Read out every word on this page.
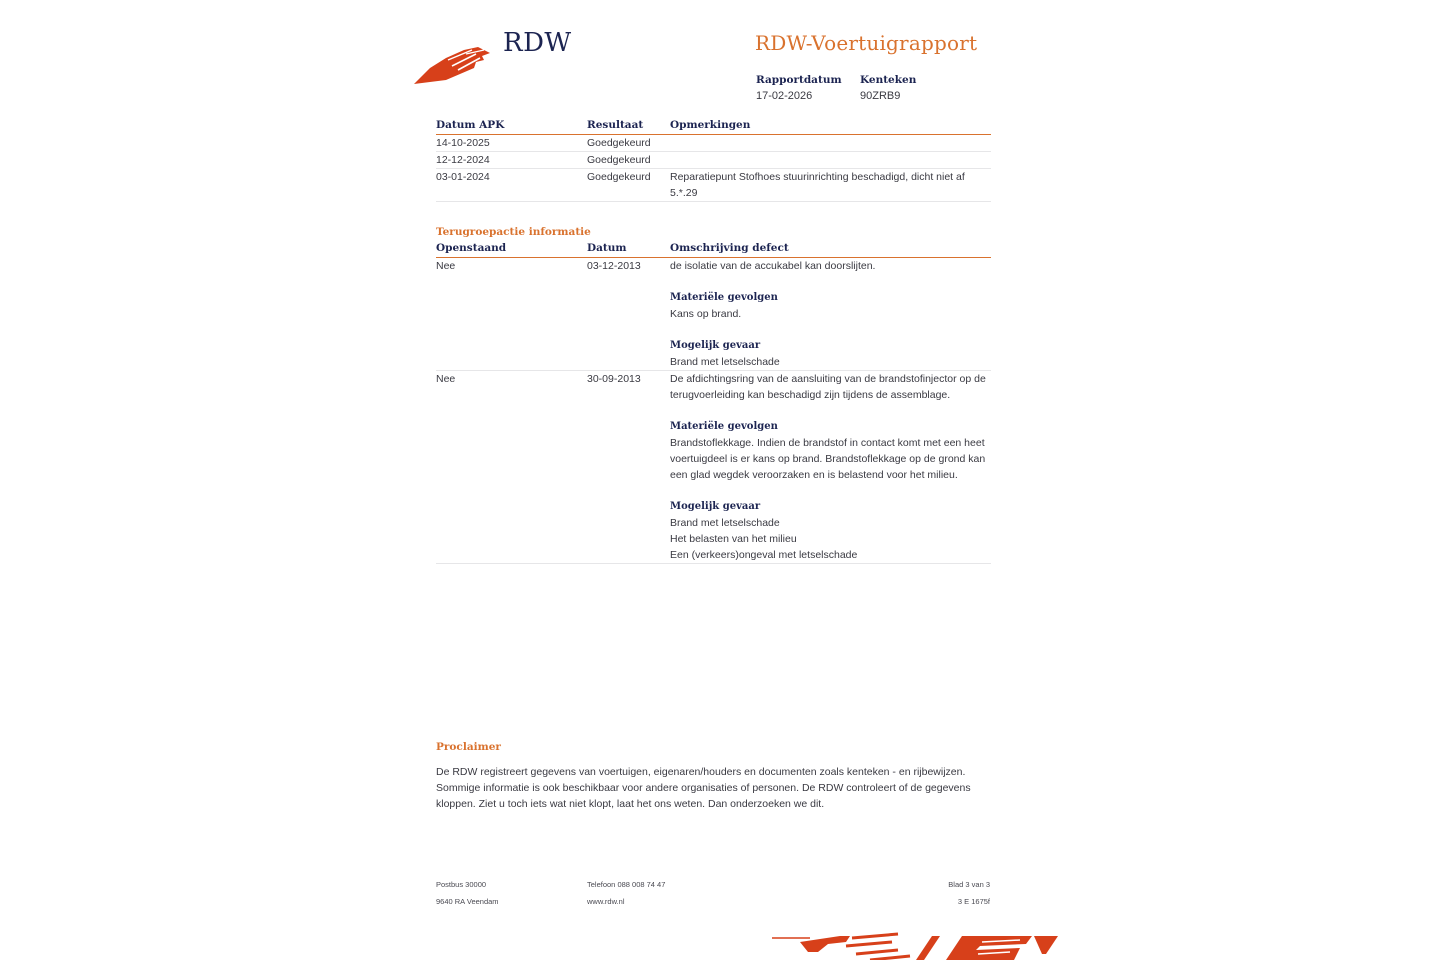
RDW	RDW-Voertuigrapport
Rapportdatum
17-02-2026
Kenteken
90ZRB9
Datum APK	Resultaat	Opmerkingen
14-10-2025	Goedgekeurd
12-12-2024	Goedgekeurd
03-01-2024	Goedgekeurd	Reparatiepunt Stofhoes stuurinrichting beschadigd, dicht niet af
5.*.29
Terugroepactie informatie
Openstaand	Datum	Omschrijving defect
Nee	03-12-2013	de isolatie van de accukabel kan doorslijten.
Materiële gevolgen
Kans op brand.
Mogelijk gevaar
Brand met letselschade
Nee	30-09-2013	De afdichtingsring van de aansluiting van de brandstofinjector op de
terugvoerleiding kan beschadigd zijn tijdens de assemblage.
Materiële gevolgen
Brandstoflekkage. Indien de brandstof in contact komt met een heet
voertuigdeel is er kans op brand. Brandstoflekkage op de grond kan
een glad wegdek veroorzaken en is belastend voor het milieu.
Mogelijk gevaar
Brand met letselschade
Het belasten van het milieu
Een (verkeers)ongeval met letselschade
Proclaimer
De RDW registreert gegevens van voertuigen, eigenaren/houders en documenten zoals kenteken - en rijbewijzen.
Sommige informatie is ook beschikbaar voor andere organisaties of personen. De RDW controleert of de gegevens
kloppen. Ziet u toch iets wat niet klopt, laat het ons weten. Dan onderzoeken we dit.
Postbus 30000
9640 RA Veendam
Telefoon 088 008 74 47
www.rdw.nl
Blad 3 van 3
3 E 1675f
